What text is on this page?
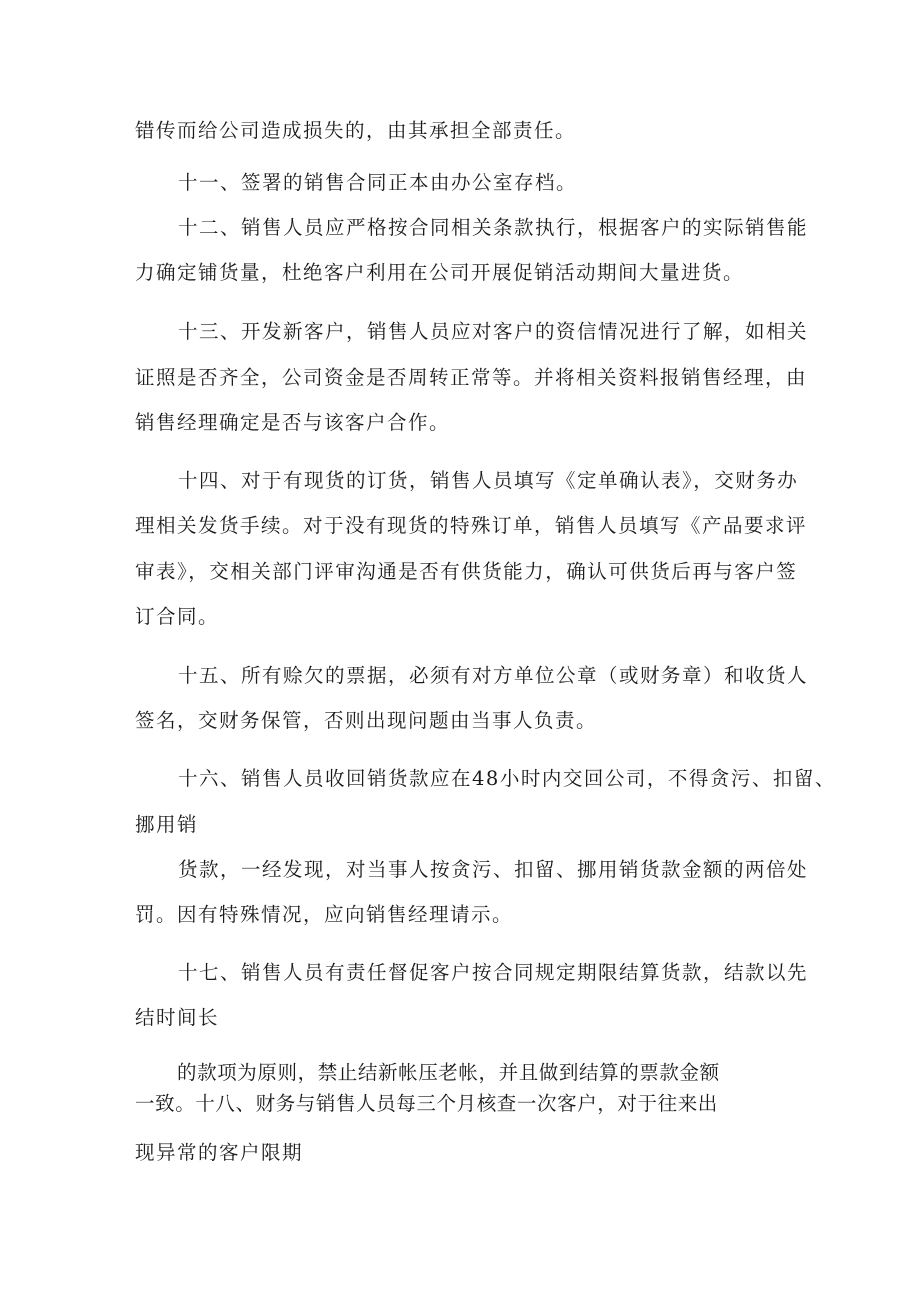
错传而给公司造成损失的，由其承担全部责任。
十一、签署的销售合同正本由办公室存档。
十二、销售人员应严格按合同相关条款执行，根据客户的实际销售能
力确定铺货量，杜绝客户利用在公司开展促销活动期间大量进货。
十三、开发新客户，销售人员应对客户的资信情况进行了解，如相关
证照是否齐全，公司资金是否周转正常等。并将相关资料报销售经理，由
销售经理确定是否与该客户合作。
十四、对于有现货的订货，销售人员填写《定单确认表》，交财务办
理相关发货手续。对于没有现货的特殊订单，销售人员填写《产品要求评
审表》，交相关部门评审沟通是否有供货能力，确认可供货后再与客户签
订合同。
十五、所有赊欠的票据，必须有对方单位公章（或财务章）和收货人
签名，交财务保管，否则出现问题由当事人负责。
十六、销售人员收回销货款应在48小时内交回公司，不得贪污、扣留、
挪用销
货款，一经发现，对当事人按贪污、扣留、挪用销货款金额的两倍处
罚。因有特殊情况，应向销售经理请示。
十七、销售人员有责任督促客户按合同规定期限结算货款，结款以先
结时间长
的款项为原则，禁止结新帐压老帐，并且做到结算的票款金额
一致。十八、财务与销售人员每三个月核查一次客户，对于往来出
现异常的客户限期
